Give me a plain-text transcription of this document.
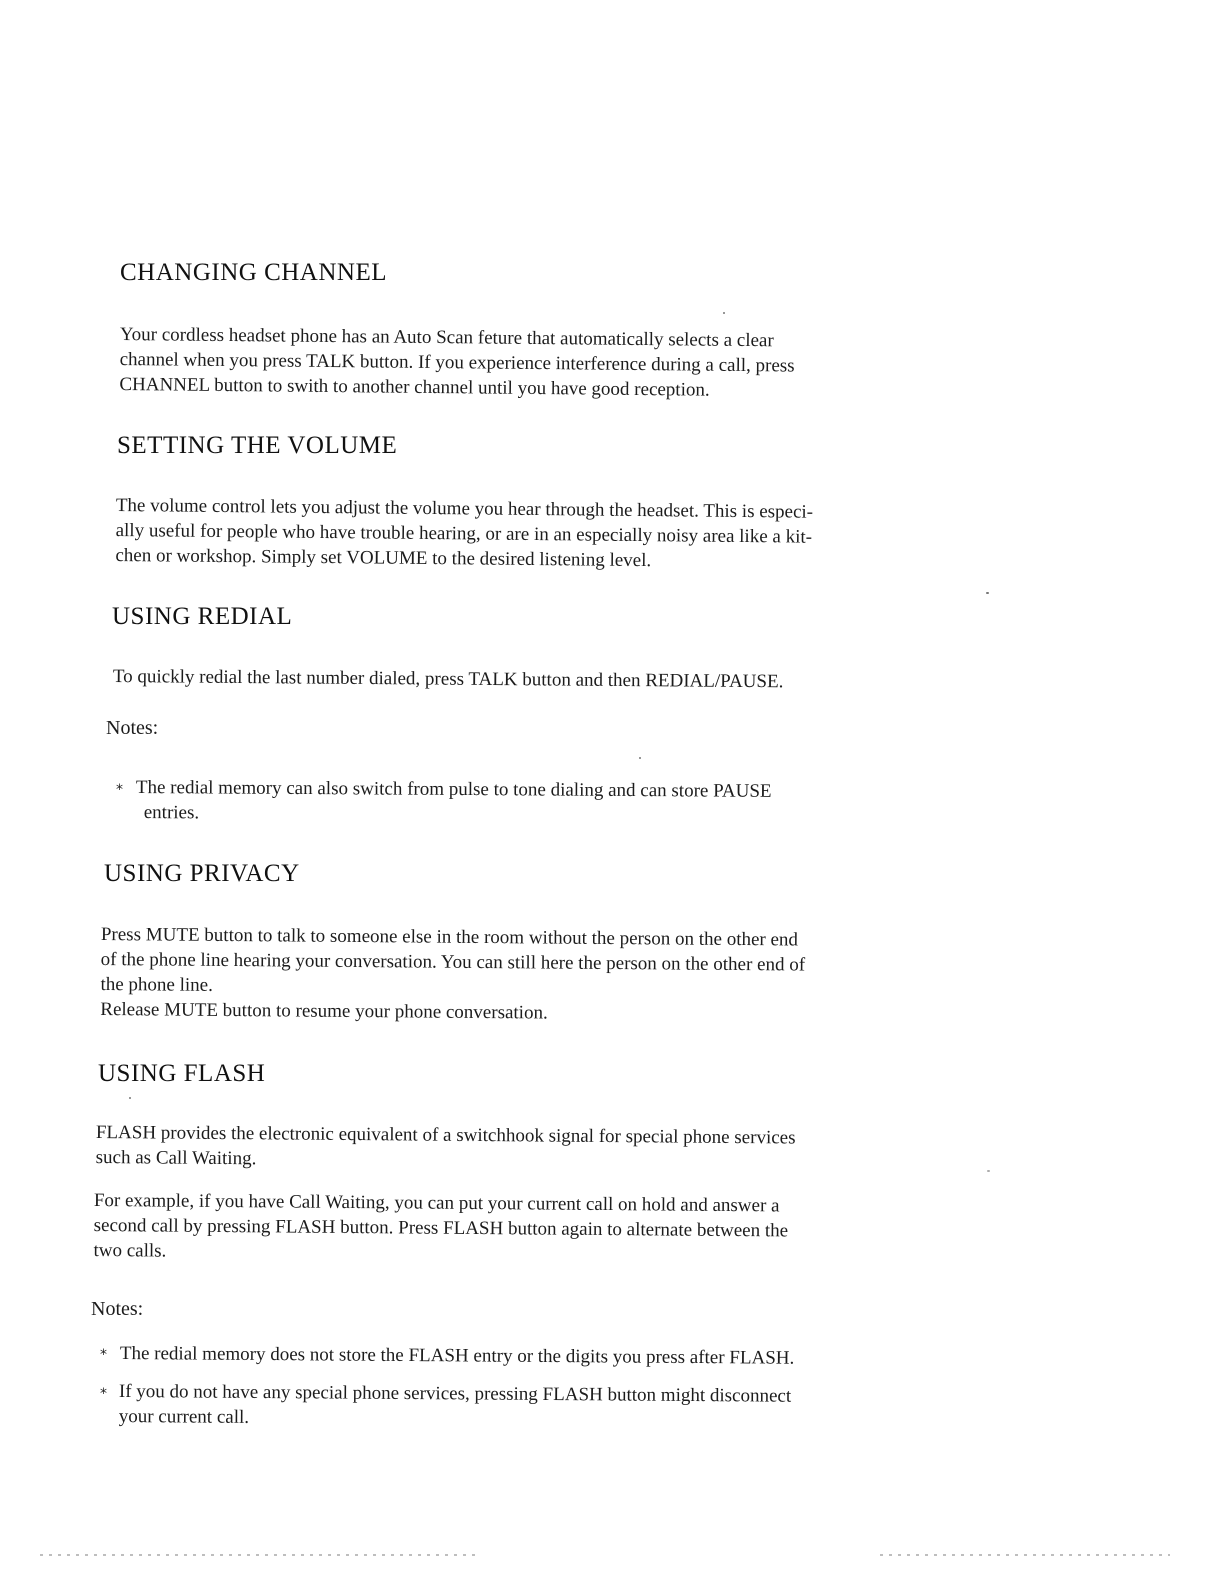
CHANGING CHANNEL
Your cordless headset phone has an Auto Scan feture that automatically selects a clear
channel when you press TALK button. If you experience interference during a call, press
CHANNEL button to swith to another channel until you have good reception.
SETTING THE VOLUME
The volume control lets you adjust the volume you hear through the headset. This is especi-
ally useful for people who have trouble hearing, or are in an especially noisy area like a kit-
chen or workshop. Simply set VOLUME to the desired listening level.
USING REDIAL
To quickly redial the last number dialed, press TALK button and then REDIAL/PAUSE.
Notes:
* The redial memory can also switch from pulse to tone dialing and can store PAUSE
entries.
USING PRIVACY
Press MUTE button to talk to someone else in the room without the person on the other end
of the phone line hearing your conversation. You can still here the person on the other end of
the phone line.
Release MUTE button to resume your phone conversation.
USING FLASH
FLASH provides the electronic equivalent of a switchhook signal for special phone services
such as Call Waiting.
For example, if you have Call Waiting, you can put your current call on hold and answer a
second call by pressing FLASH button. Press FLASH button again to alternate between the
two calls.
Notes:
* The redial memory does not store the FLASH entry or the digits you press after FLASH.
* If you do not have any special phone services, pressing FLASH button might disconnect
your current call.
